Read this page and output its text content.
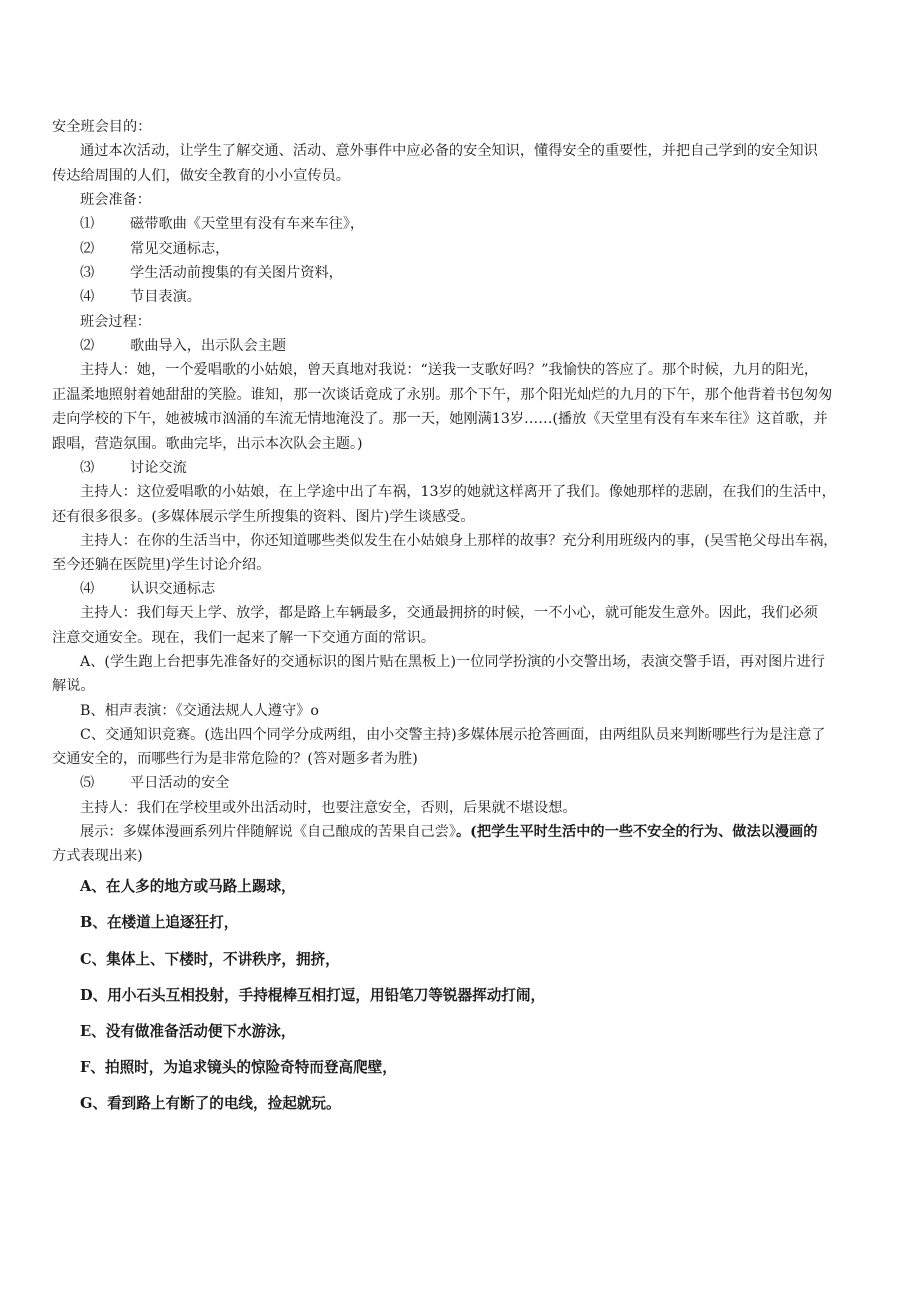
安全班会目的：
通过本次活动，让学生了解交通、活动、意外事件中应必备的安全知识，懂得安全的重要性，并把自己学到的安全知识
传达给周围的人们，做安全教育的小小宣传员。
班会准备：
⑴	磁带歌曲《天堂里有没有车来车往》，
⑵	常见交通标志，
⑶	学生活动前搜集的有关图片资料，
⑷	节目表演。
班会过程：
⑵	歌曲导入，出示队会主题
主持人：她，一个爱唱歌的小姑娘，曾天真地对我说：“送我一支歌好吗？”我愉快的答应了。那个时候，九月的阳光，
正温柔地照射着她甜甜的笑脸。谁知，那一次谈话竟成了永别。那个下午，那个阳光灿烂的九月的下午，那个他背着书包匆匆
走向学校的下午，她被城市汹涌的车流无情地淹没了。那一天，她刚满13岁……(播放《天堂里有没有车来车往》这首歌，并
跟唱，营造氛围。歌曲完毕，出示本次队会主题。)
⑶	讨论交流
主持人：这位爱唱歌的小姑娘，在上学途中出了车祸，13岁的她就这样离开了我们。像她那样的悲剧，在我们的生活中，
还有很多很多。(多媒体展示学生所搜集的资料、图片)学生谈感受。
主持人：在你的生活当中，你还知道哪些类似发生在小姑娘身上那样的故事？充分利用班级内的事，(吴雪艳父母出车祸，
至今还躺在医院里)学生讨论介绍。
⑷	认识交通标志
主持人：我们每天上学、放学，都是路上车辆最多，交通最拥挤的时候，一不小心，就可能发生意外。因此，我们必须
注意交通安全。现在，我们一起来了解一下交通方面的常识。
A、(学生跑上台把事先准备好的交通标识的图片贴在黑板上)一位同学扮演的小交警出场，表演交警手语，再对图片进行
解说。
B、相声表演：《交通法规人人遵守》o
C、交通知识竞赛。(选出四个同学分成两组，由小交警主持)多媒体展示抢答画面，由两组队员来判断哪些行为是注意了
交通安全的，而哪些行为是非常危险的？(答对题多者为胜)
⑸	平日活动的安全
主持人：我们在学校里或外出活动时，也要注意安全，否则，后果就不堪设想。
展示：多媒体漫画系列片伴随解说《自己酿成的苦果自己尝》。(把学生平时生活中的一些不安全的行为、做法以漫画的
方式表现出来)
A、在人多的地方或马路上踢球，
B、在楼道上追逐狂打，
C、集体上、下楼时，不讲秩序，拥挤，
D、用小石头互相投射，手持棍棒互相打逗，用铅笔刀等锐器挥动打闹，
E、没有做准备活动便下水游泳，
F、拍照时，为追求镜头的惊险奇特而登高爬壁，
G、看到路上有断了的电线，捡起就玩。
